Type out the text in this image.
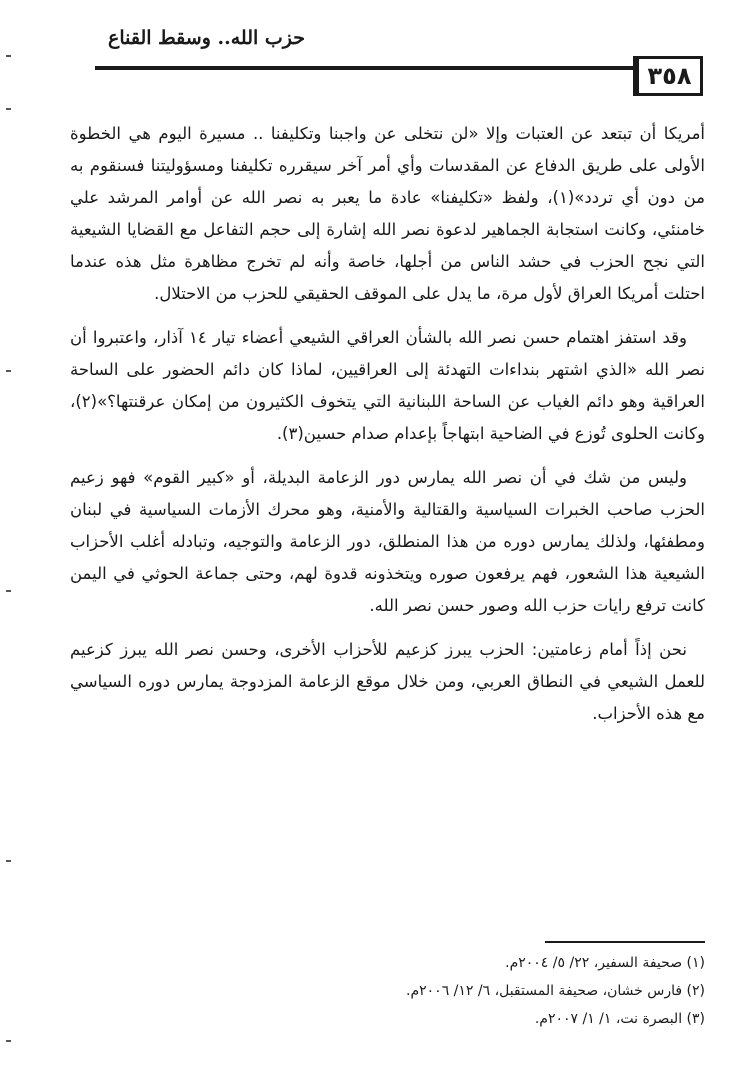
حزب الله.. وسقط القناع
٣٥٨

أمريكا أن تبتعد عن العتبات وإلا «لن نتخلى عن واجبنا وتكليفنا .. مسيرة اليوم هي الخطوة الأولى على طريق الدفاع عن المقدسات وأي أمر آخر سيقرره تكليفنا ومسؤوليتنا فسنقوم به من دون أي تردد»(١)، ولفظ «تكليفنا» عادة ما يعبر به نصر الله عن أوامر المرشد علي خامنئي، وكانت استجابة الجماهير لدعوة نصر الله إشارة إلى حجم التفاعل مع القضايا الشيعية التي نجح الحزب في حشد الناس من أجلها، خاصة وأنه لم تخرج مظاهرة مثل هذه عندما احتلت أمريكا العراق لأول مرة، ما يدل على الموقف الحقيقي للحزب من الاحتلال.

وقد استفز اهتمام حسن نصر الله بالشأن العراقي الشيعي أعضاء تيار ١٤ آذار، واعتبروا أن نصر الله «الذي اشتهر بنداءات التهدئة إلى العراقيين، لماذا كان دائم الحضور على الساحة العراقية وهو دائم الغياب عن الساحة اللبنانية التي يتخوف الكثيرون من إمكان عرقنتها؟»(٢)، وكانت الحلوى تُوزع في الضاحية ابتهاجاً بإعدام صدام حسين(٣).

وليس من شك في أن نصر الله يمارس دور الزعامة البديلة، أو «كبير القوم» فهو زعيم الحزب صاحب الخبرات السياسية والقتالية والأمنية، وهو محرك الأزمات السياسية في لبنان ومطفئها، ولذلك يمارس دوره من هذا المنطلق، دور الزعامة والتوجيه، وتبادله أغلب الأحزاب الشيعية هذا الشعور، فهم يرفعون صوره ويتخذونه قدوة لهم، وحتى جماعة الحوثي في اليمن كانت ترفع رايات حزب الله وصور حسن نصر الله.

نحن إذاً أمام زعامتين: الحزب يبرز كزعيم للأحزاب الأخرى، وحسن نصر الله يبرز كزعيم للعمل الشيعي في النطاق العربي، ومن خلال موقع الزعامة المزدوجة يمارس دوره السياسي مع هذه الأحزاب.

(١) صحيفة السفير، ٢٢/ ٥/ ٢٠٠٤م.
(٢) فارس خشان، صحيفة المستقبل، ٦/ ١٢/ ٢٠٠٦م.
(٣) البصرة نت، ١/ ١/ ٢٠٠٧م.
